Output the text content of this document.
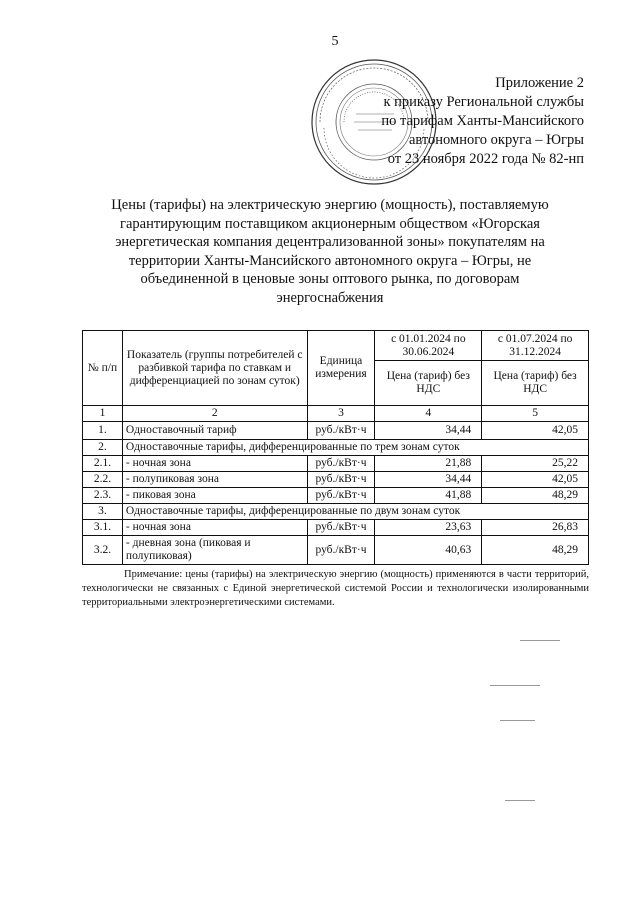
5
Приложение 2
к приказу Региональной службы
по тарифам Ханты-Мансийского
автономного округа – Югры
от 23 ноября 2022 года № 82-нп
Цены (тарифы) на электрическую энергию (мощность), поставляемую
гарантирующим поставщиком акционерным обществом «Югорская
энергетическая компания децентрализованной зоны» покупателям на
территории Ханты-Мансийского автономного округа – Югры, не
объединенной в ценовые зоны оптового рынка, по договорам
энергоснабжения
№ п/п	Показатель (группы потребителей с разбивкой тарифа по ставкам и дифференциацией по зонам суток)	Единица измерения	с 01.01.2024 по 30.06.2024	с 01.07.2024 по 31.12.2024
			Цена (тариф) без НДС	Цена (тариф) без НДС
1	2	3	4	5
1.	Одноставочный тариф	руб./кВт·ч	34,44	42,05
2.	Одноставочные тарифы, дифференцированные по трем зонам суток			
2.1.	- ночная зона	руб./кВт·ч	21,88	25,22
2.2.	- полупиковая зона	руб./кВт·ч	34,44	42,05
2.3.	- пиковая зона	руб./кВт·ч	41,88	48,29
3.	Одноставочные тарифы, дифференцированные по двум зонам суток			
3.1.	- ночная зона	руб./кВт·ч	23,63	26,83
3.2.	- дневная зона (пиковая и полупиковая)	руб./кВт·ч	40,63	48,29
Примечание: цены (тарифы) на электрическую энергию (мощность) применяются в части территорий, технологически не связанных с Единой энергетической системой России и технологически изолированными территориальными электроэнергетическими системами.
